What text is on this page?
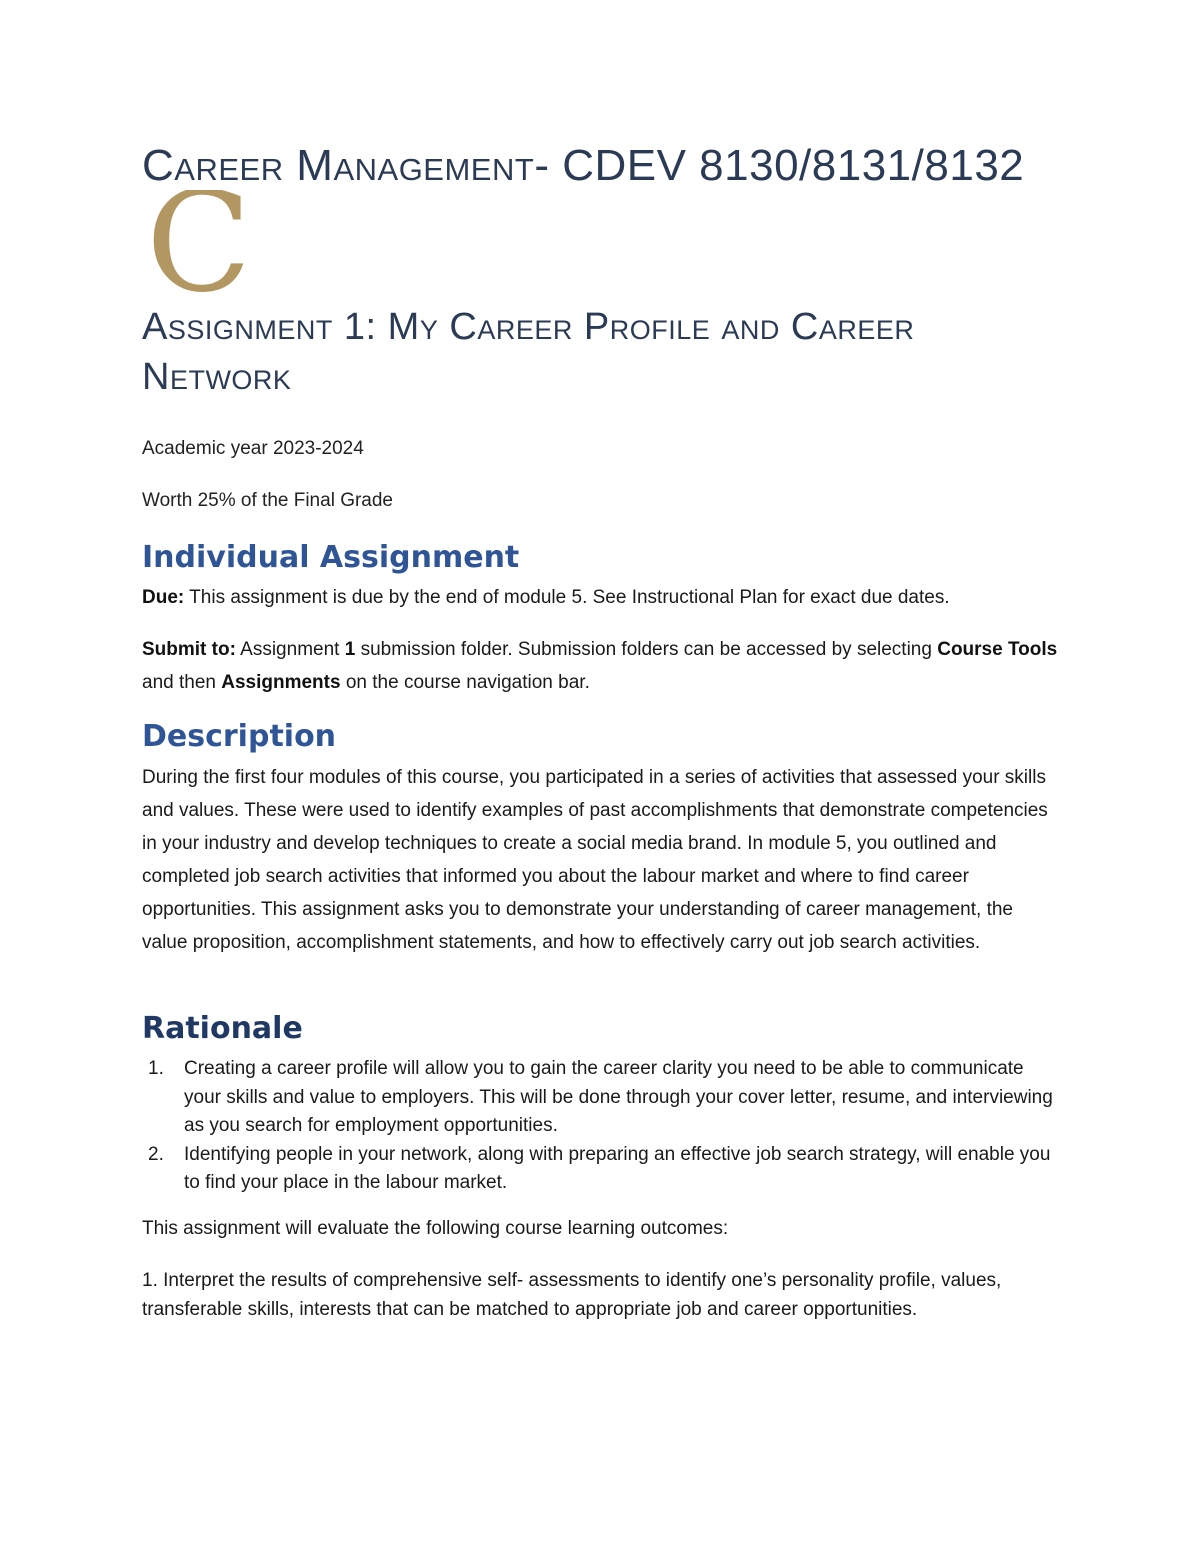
Career Management- CDEV 8130/8131/8132
C
Assignment 1: My Career Profile and Career Network

Academic year 2023-2024

Worth 25% of the Final Grade

Individual Assignment

Due: This assignment is due by the end of module 5. See Instructional Plan for exact due dates.

Submit to: Assignment 1 submission folder. Submission folders can be accessed by selecting Course Tools and then Assignments on the course navigation bar.

Description

During the first four modules of this course, you participated in a series of activities that assessed your skills and values. These were used to identify examples of past accomplishments that demonstrate competencies in your industry and develop techniques to create a social media brand. In module 5, you outlined and completed job search activities that informed you about the labour market and where to find career opportunities. This assignment asks you to demonstrate your understanding of career management, the value proposition, accomplishment statements, and how to effectively carry out job search activities.

Rationale
1. Creating a career profile will allow you to gain the career clarity you need to be able to communicate your skills and value to employers. This will be done through your cover letter, resume, and interviewing as you search for employment opportunities.
2. Identifying people in your network, along with preparing an effective job search strategy, will enable you to find your place in the labour market.

This assignment will evaluate the following course learning outcomes:

1. Interpret the results of comprehensive self- assessments to identify one’s personality profile, values, transferable skills, interests that can be matched to appropriate job and career opportunities.
